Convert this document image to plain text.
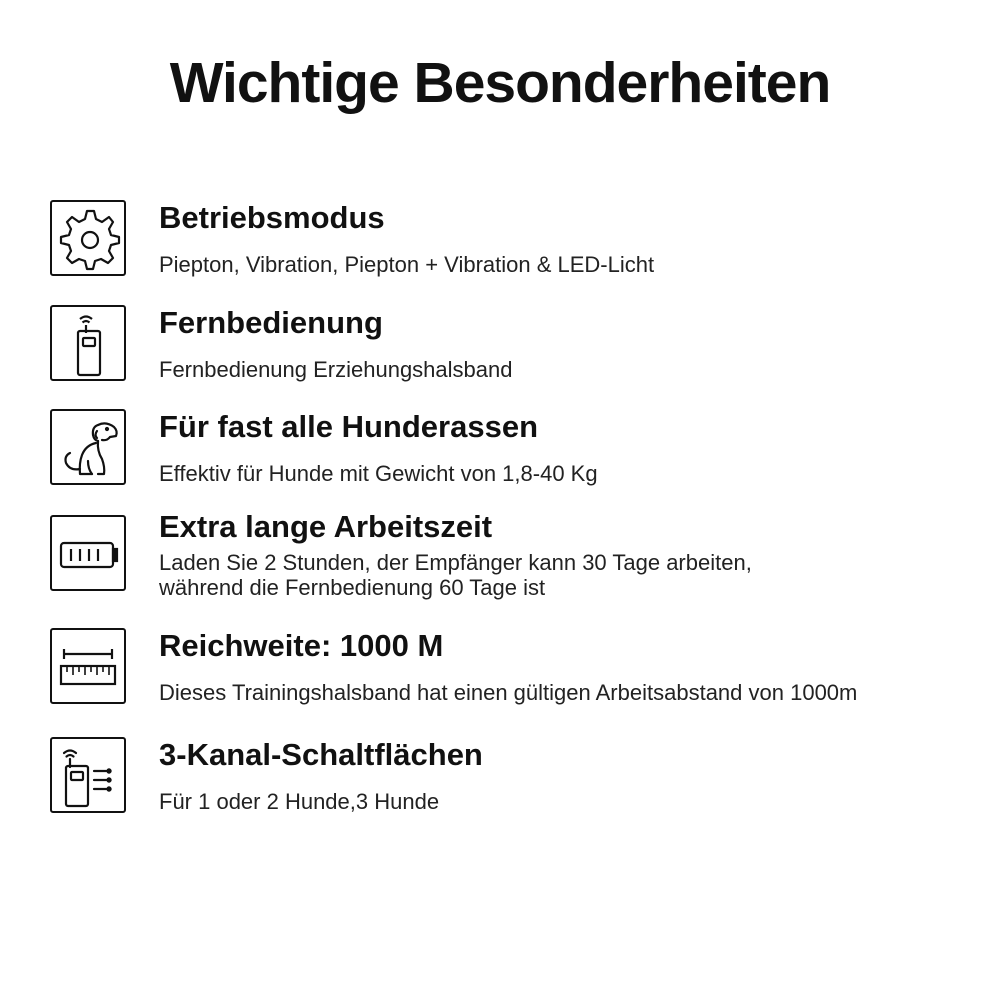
Wichtige Besonderheiten
Betriebsmodus
Piepton, Vibration, Piepton + Vibration & LED-Licht
Fernbedienung
Fernbedienung Erziehungshalsband
Für fast alle Hunderassen
Effektiv für Hunde mit Gewicht von 1,8-40 Kg
Extra lange Arbeitszeit
Laden Sie 2 Stunden, der Empfänger kann 30 Tage arbeiten,
während die Fernbedienung 60 Tage ist
Reichweite: 1000 M
Dieses Trainingshalsband hat einen gültigen Arbeitsabstand von 1000m
3-Kanal-Schaltflächen
Für 1 oder 2 Hunde,3 Hunde
